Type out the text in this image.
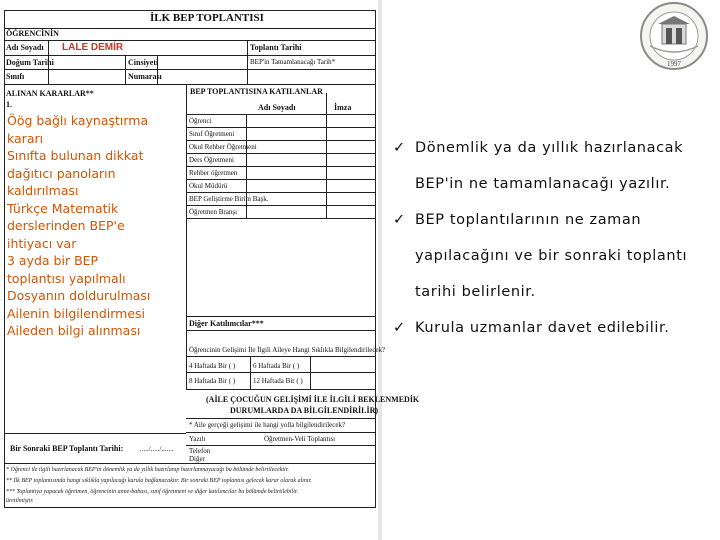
İLK BEP TOPLANTISI
ÖĞRENCİNİN
Adı Soyadı LALE DEMİR	Toplantı Tarihi
Doğum Tarihi	Cinsiyeti	BEP'in Tamamlanacağı Tarih*
Sınıfı	Numarası
ALINAN KARARLAR**	BEP TOPLANTISINA KATILANLAR
1.	Adı Soyadı	İmza
Öğrenci
Sınıf Öğretmeni
Okul Rehber Öğretmeni
Ders Öğretmeni
Rehber öğretmen
Okul Müdürü
BEP Geliştirme Birim Başk.
Öğretmen Branşı
Diğer Katılımcılar***
Öğrencinin Gelişimi İle İlgili Aileye Hangi Sıklıkla Bilgilendirilecek?
4 Haftada Bir ( )	6 Haftada Bir ( )
8 Haftada Bir ( )	12 Haftada Bir ( )
(AİLE ÇOCUĞUN GELİŞİMİ İLE İLGİLİ BEKLENMEDİK
DURUMLARDA DA BİLGİLENDİRİLİR)
* Aile gerçeği gelişimi ile hangi yolla bilgilendirilecek?
Yazılı	Öğretmen-Veli Toplantısı
Telefon
Diğer
Bir Sonraki BEP Toplantı Tarihi: ...../...../.......
* Öğrenci ile ilgili hazırlanacak BEP'in dönemlik ya da yıllık hazırlanıp hazırlanmayacağı bu bölümde belirtilecektir.
** İlk BEP toplantısında hangi sıklıkla yapılacağı kurula bağlanacaktır. Bir sonraki BEP toplantısı gelecek karar olarak alınır.
*** Toplantıya yapacak öğretmen, öğrencinin anne-babası, sınıf öğretmeni ve diğer katılımcılar bu bölümde belirtilebilir.
üretilmiştir.
Öög bağlı kaynaştırma
kararı
Sınıfta bulunan dikkat
dağıtıcı panoların
kaldırılması
Türkçe Matematik
derslerinden BEP'e
ihtiyacı var
3 ayda bir BEP
toplantısı yapılmalı
Dosyanın doldurulması
Ailenin bilgilendirmesi
Aileden bilgi alınması
✓ Dönemlik ya da yıllık hazırlanacak
BEP'in ne tamamlanacağı yazılır.
✓ BEP toplantılarının ne zaman
yapılacağını ve bir sonraki toplantı
tarihi belirlenir.
✓ Kurula uzmanlar davet edilebilir.
1997
